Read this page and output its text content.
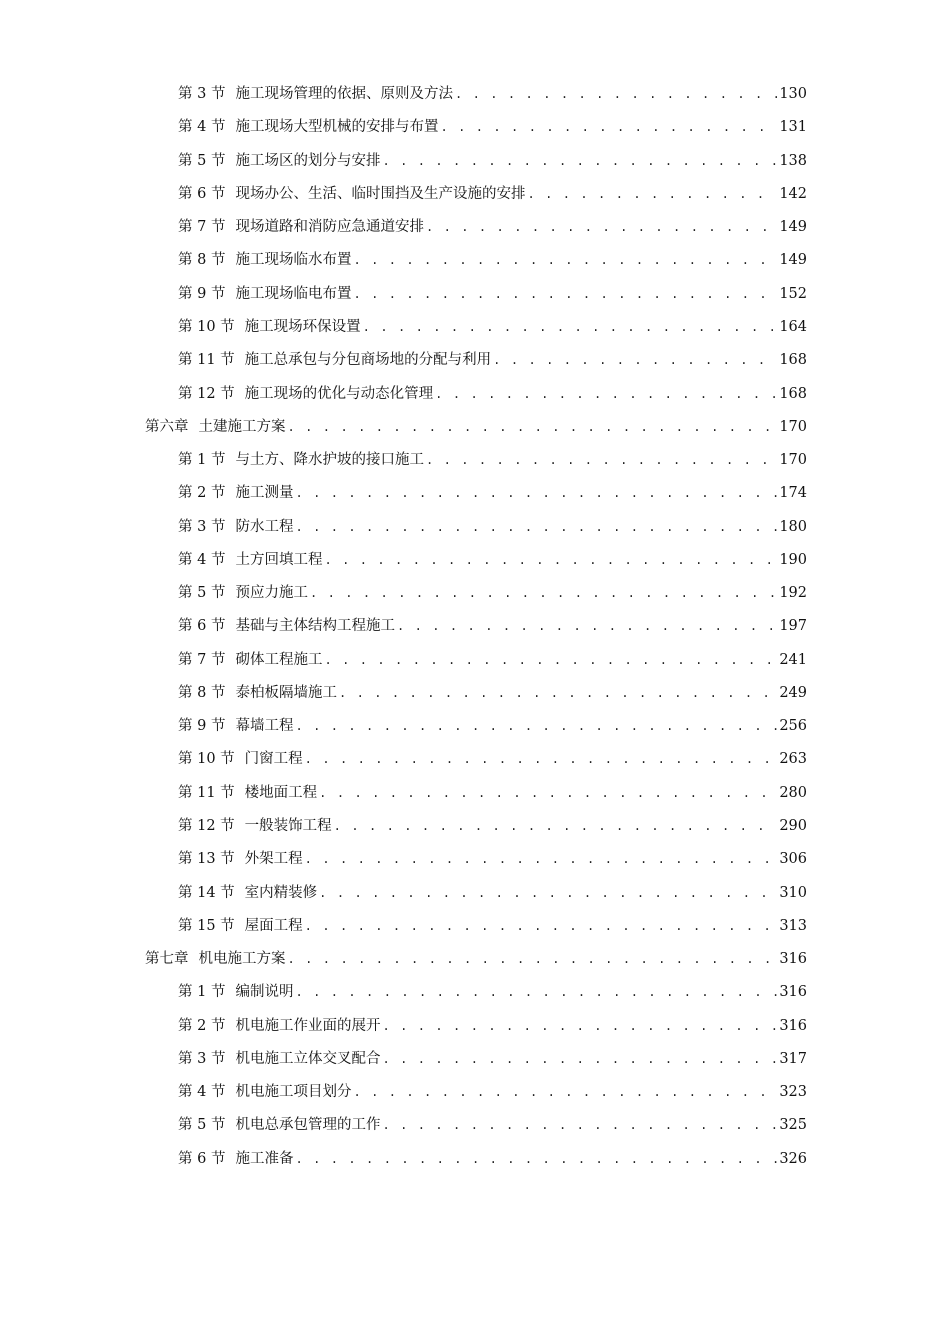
第 3 节 施工现场管理的依据、原则及方法 . . .	130
第 4 节 施工现场大型机械的安排与布置 . . .	131
第 5 节 施工场区的划分与安排 . . .	138
第 6 节 现场办公、生活、临时围挡及生产设施的安排 . . .	142
第 7 节 现场道路和消防应急通道安排 . . .	149
第 8 节 施工现场临水布置 . . .	149
第 9 节 施工现场临电布置 . . .	152
第 10 节 施工现场环保设置 . . .	164
第 11 节 施工总承包与分包商场地的分配与利用 . . .	168
第 12 节 施工现场的优化与动态化管理 . . .	168
第六章 土建施工方案 . . .	170
第 1 节 与土方、降水护坡的接口施工 . . .	170
第 2 节 施工测量 . . .	174
第 3 节 防水工程 . . .	180
第 4 节 土方回填工程 . . .	190
第 5 节 预应力施工 . . .	192
第 6 节 基础与主体结构工程施工 . . .	197
第 7 节 砌体工程施工 . . .	241
第 8 节 泰柏板隔墙施工 . . .	249
第 9 节 幕墙工程 . . .	256
第 10 节 门窗工程 . . .	263
第 11 节 楼地面工程 . . .	280
第 12 节 一般装饰工程 . . .	290
第 13 节 外架工程 . . .	306
第 14 节 室内精装修 . . .	310
第 15 节 屋面工程 . . .	313
第七章 机电施工方案 . . .	316
第 1 节 编制说明 . . .	316
第 2 节 机电施工作业面的展开 . . .	316
第 3 节 机电施工立体交叉配合 . . .	317
第 4 节 机电施工项目划分 . . .	323
第 5 节 机电总承包管理的工作 . . .	325
第 6 节 施工准备 . . .	326
